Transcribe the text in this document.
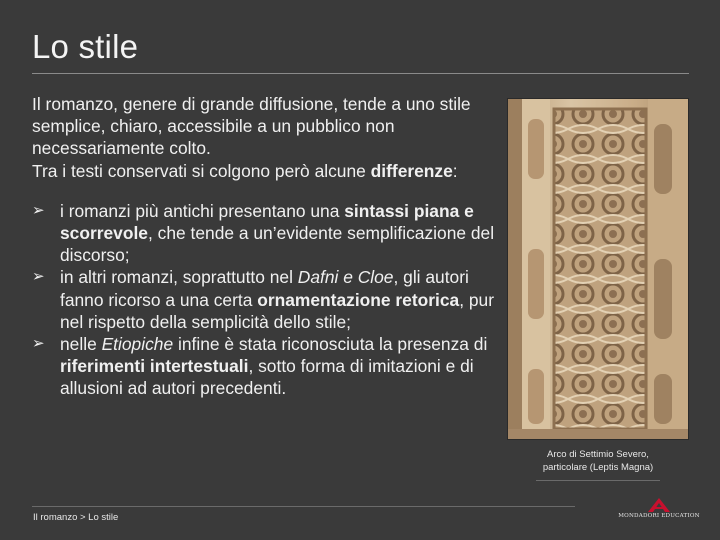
Lo stile

Il romanzo, genere di grande diffusione, tende a uno stile semplice, chiaro, accessibile a un pubblico non necessariamente colto.

Tra i testi conservati si colgono però alcune differenze:

➢ i romanzi più antichi presentano una sintassi piana e scorrevole, che tende a un’evidente semplificazione del discorso;
➢ in altri romanzi, soprattutto nel Dafni e Cloe, gli autori fanno ricorso a una certa ornamentazione retorica, pur nel rispetto della semplicità dello stile;
➢ nelle Etiopiche infine è stata riconosciuta la presenza di riferimenti intertestuali, sotto forma di imitazioni e di allusioni ad autori precedenti.
Arco di Settimio Severo,
particolare (Leptis Magna)
Il romanzo > Lo stile	MONDADORI EDUCATION
